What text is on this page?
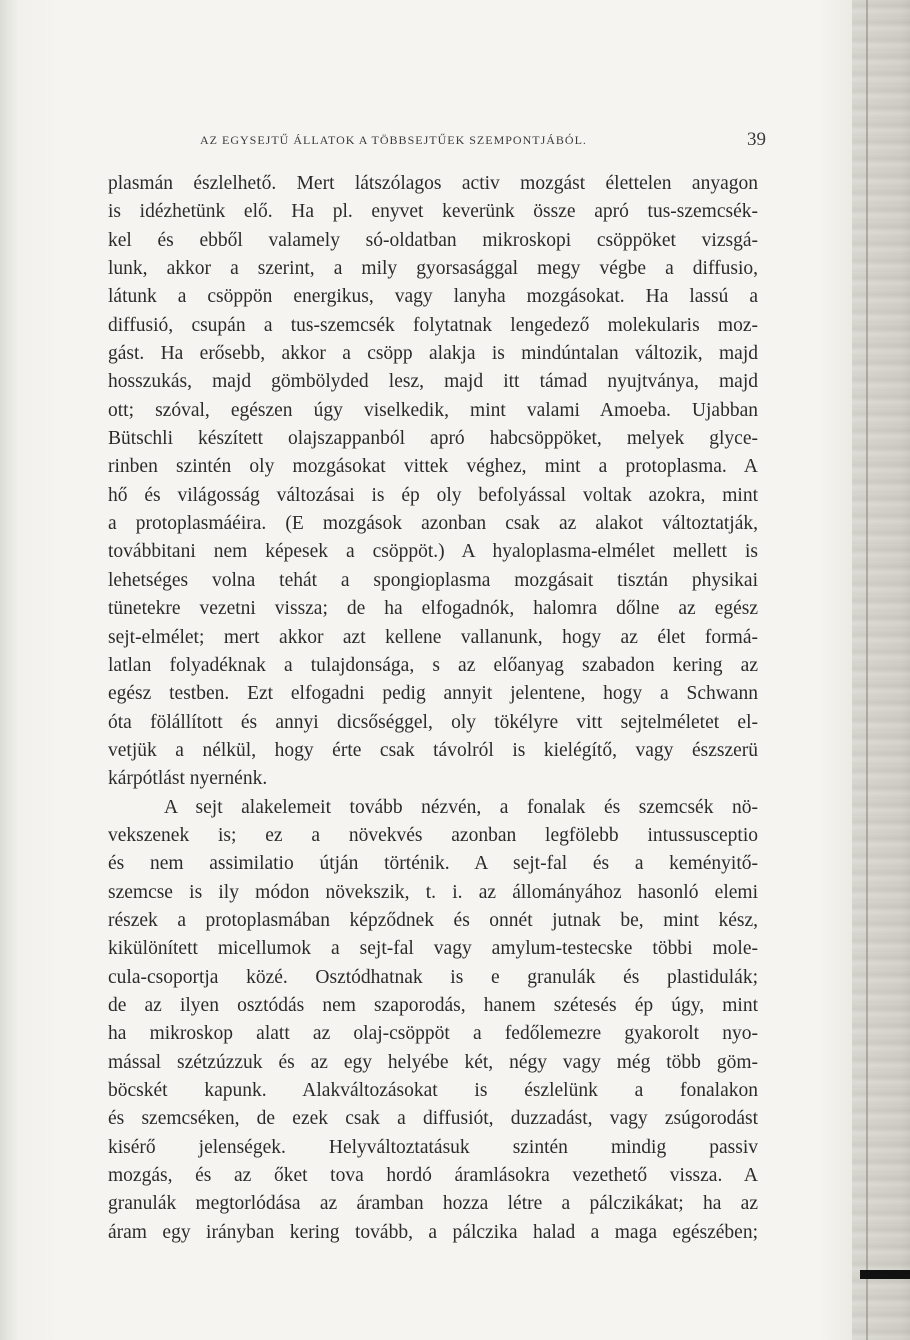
AZ EGYSEJTŰ ÁLLATOK A TÖBBSEJTŰEK SZEMPONTJÁBÓL.	39
plasmán észlelhető. Mert látszólagos activ mozgást élettelen anyagon
is idézhetünk elő. Ha pl. enyvet keverünk össze apró tus-szemcsék-
kel és ebből valamely só-oldatban mikroskopi csöppöket vizsgá-
lunk, akkor a szerint, a mily gyorsasággal megy végbe a diffusio,
látunk a csöppön energikus, vagy lanyha mozgásokat. Ha lassú a
diffusió, csupán a tus-szemcsék folytatnak lengedező molekularis moz-
gást. Ha erősebb, akkor a csöpp alakja is mindúntalan változik, majd
hosszukás, majd gömbölyded lesz, majd itt támad nyujtványa, majd
ott; szóval, egészen úgy viselkedik, mint valami Amoeba. Ujabban
Bütschli készített olajszappanból apró habcsöppöket, melyek glyce-
rinben szintén oly mozgásokat vittek véghez, mint a protoplasma. A
hő és világosság változásai is ép oly befolyással voltak azokra, mint
a protoplasmáéira. (E mozgások azonban csak az alakot változtatják,
továbbitani nem képesek a csöppöt.) A hyaloplasma-elmélet mellett is
lehetséges volna tehát a spongioplasma mozgásait tisztán physikai
tünetekre vezetni vissza; de ha elfogadnók, halomra dőlne az egész
sejt-elmélet; mert akkor azt kellene vallanunk, hogy az élet formá-
latlan folyadéknak a tulajdonsága, s az előanyag szabadon kering az
egész testben. Ezt elfogadni pedig annyit jelentene, hogy a Schwann
óta fölállított és annyi dicsőséggel, oly tökélyre vitt sejtelméletet el-
vetjük a nélkül, hogy érte csak távolról is kielégítő, vagy észszerü
kárpótlást nyernénk.
A sejt alakelemeit tovább nézvén, a fonalak és szemcsék nö-
vekszenek is; ez a növekvés azonban legfölebb intussusceptio
és nem assimilatio útján történik. A sejt-fal és a keményitő-
szemcse is ily módon növekszik, t. i. az állományához hasonló elemi
részek a protoplasmában képződnek és onnét jutnak be, mint kész,
kikülönített micellumok a sejt-fal vagy amylum-testecske többi mole-
cula-csoportja közé. Osztódhatnak is e granulák és plastidulák;
de az ilyen osztódás nem szaporodás, hanem szétesés ép úgy, mint
ha mikroskop alatt az olaj-csöppöt a fedőlemezre gyakorolt nyo-
mással szétzúzzuk és az egy helyébe két, négy vagy még több göm-
böcskét kapunk. Alakváltozásokat is észlelünk a fonalakon
és szemcséken, de ezek csak a diffusiót, duzzadást, vagy zsúgorodást
kisérő jelenségek. Helyváltoztatásuk szintén mindig passiv
mozgás, és az őket tova hordó áramlásokra vezethető vissza. A
granulák megtorlódása az áramban hozza létre a pálczikákat; ha az
áram egy irányban kering tovább, a pálczika halad a maga egészében;
